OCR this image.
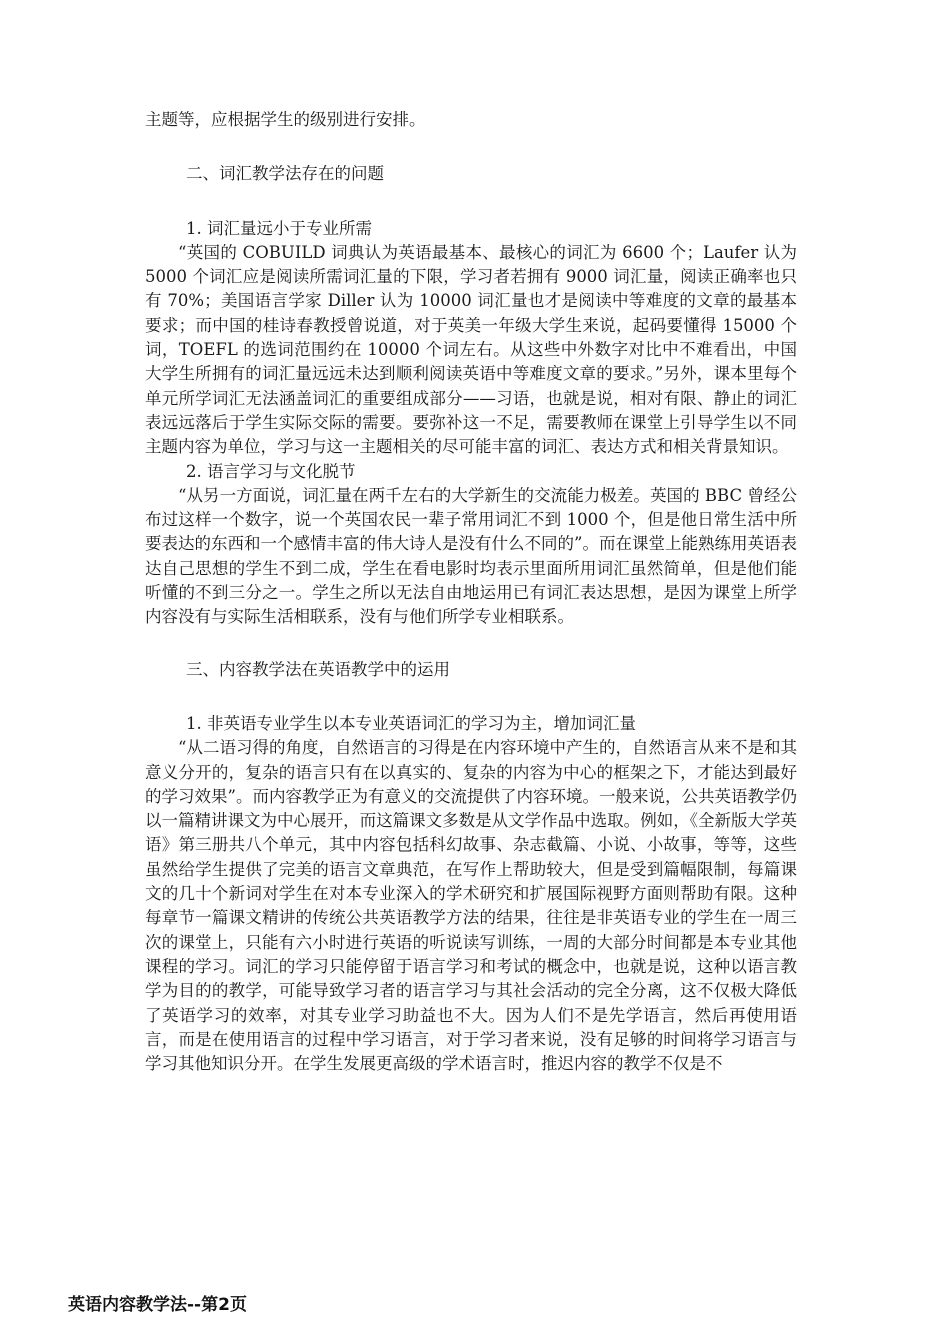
主题等，应根据学生的级别进行安排。

二、词汇教学法存在的问题

1. 词汇量远小于专业所需

“英国的 COBUILD 词典认为英语最基本、最核心的词汇为 6600 个；Laufer 认为 5000 个词汇应是阅读所需词汇量的下限，学习者若拥有 9000 词汇量，阅读正确率也只有 70%；美国语言学家 Diller 认为 10000 词汇量也才是阅读中等难度的文章的最基本要求；而中国的桂诗春教授曾说道，对于英美一年级大学生来说，起码要懂得 15000 个词，TOEFL 的选词范围约在 10000 个词左右。从这些中外数字对比中不难看出，中国大学生所拥有的词汇量远远未达到顺利阅读英语中等难度文章的要求。”另外，课本里每个单元所学词汇无法涵盖词汇的重要组成部分——习语，也就是说，相对有限、静止的词汇表远远落后于学生实际交际的需要。要弥补这一不足，需要教师在课堂上引导学生以不同主题内容为单位，学习与这一主题相关的尽可能丰富的词汇、表达方式和相关背景知识。

2. 语言学习与文化脱节

“从另一方面说，词汇量在两千左右的大学新生的交流能力极差。英国的 BBC 曾经公布过这样一个数字，说一个英国农民一辈子常用词汇不到 1000 个，但是他日常生活中所要表达的东西和一个感情丰富的伟大诗人是没有什么不同的”。而在课堂上能熟练用英语表达自己思想的学生不到二成，学生在看电影时均表示里面所用词汇虽然简单，但是他们能听懂的不到三分之一。学生之所以无法自由地运用已有词汇表达思想，是因为课堂上所学内容没有与实际生活相联系，没有与他们所学专业相联系。

三、内容教学法在英语教学中的运用

1. 非英语专业学生以本专业英语词汇的学习为主，增加词汇量

“从二语习得的角度，自然语言的习得是在内容环境中产生的，自然语言从来不是和其意义分开的，复杂的语言只有在以真实的、复杂的内容为中心的框架之下，才能达到最好的学习效果”。而内容教学正为有意义的交流提供了内容环境。一般来说，公共英语教学仍以一篇精讲课文为中心展开，而这篇课文多数是从文学作品中选取。例如，《全新版大学英语》第三册共八个单元，其中内容包括科幻故事、杂志截篇、小说、小故事，等等，这些虽然给学生提供了完美的语言文章典范，在写作上帮助较大，但是受到篇幅限制，每篇课文的几十个新词对学生在对本专业深入的学术研究和扩展国际视野方面则帮助有限。这种每章节一篇课文精讲的传统公共英语教学方法的结果，往往是非英语专业的学生在一周三次的课堂上，只能有六小时进行英语的听说读写训练，一周的大部分时间都是本专业其他课程的学习。词汇的学习只能停留于语言学习和考试的概念中，也就是说，这种以语言教学为目的的教学，可能导致学习者的语言学习与其社会活动的完全分离，这不仅极大降低了英语学习的效率，对其专业学习助益也不大。因为人们不是先学语言，然后再使用语言，而是在使用语言的过程中学习语言，对于学习者来说，没有足够的时间将学习语言与学习其他知识分开。在学生发展更高级的学术语言时，推迟内容的教学不仅是不

英语内容教学法--第2页
